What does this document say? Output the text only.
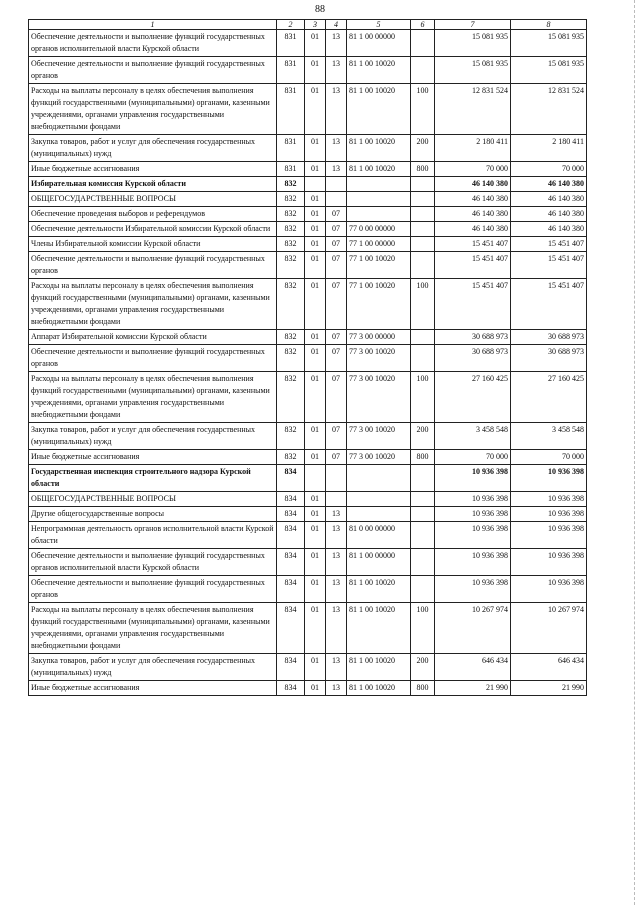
88
1	2	3	4	5	6	7	8
Обеспечение деятельности и выполнение функций государственных органов исполнительной власти Курской области	831	01	13	81 1 00 00000		15 081 935	15 081 935
Обеспечение деятельности и выполнение функций государственных органов	831	01	13	81 1 00 10020		15 081 935	15 081 935
Расходы на выплаты персоналу в целях обеспечения выполнения функций государственными (муниципальными) органами, казенными учреждениями, органами управления государственными внебюджетными фондами	831	01	13	81 1 00 10020	100	12 831 524	12 831 524
Закупка товаров, работ и услуг для обеспечения государственных (муниципальных) нужд	831	01	13	81 1 00 10020	200	2 180 411	2 180 411
Иные бюджетные ассигнования	831	01	13	81 1 00 10020	800	70 000	70 000
Избирательная комиссия Курской области	832					46 140 380	46 140 380
ОБЩЕГОСУДАРСТВЕННЫЕ ВОПРОСЫ	832	01				46 140 380	46 140 380
Обеспечение проведения выборов и референдумов	832	01	07			46 140 380	46 140 380
Обеспечение деятельности Избирательной комиссии Курской области	832	01	07	77 0 00 00000		46 140 380	46 140 380
Члены Избирательной комиссии Курской области	832	01	07	77 1 00 00000		15 451 407	15 451 407
Обеспечение деятельности и выполнение функций государственных органов	832	01	07	77 1 00 10020		15 451 407	15 451 407
Расходы на выплаты персоналу в целях обеспечения выполнения функций государственными (муниципальными) органами, казенными учреждениями, органами управления государственными внебюджетными фондами	832	01	07	77 1 00 10020	100	15 451 407	15 451 407
Аппарат Избирательной комиссии Курской области	832	01	07	77 3 00 00000		30 688 973	30 688 973
Обеспечение деятельности и выполнение функций государственных органов	832	01	07	77 3 00 10020		30 688 973	30 688 973
Расходы на выплаты персоналу в целях обеспечения выполнения функций государственными (муниципальными) органами, казенными учреждениями, органами управления государственными внебюджетными фондами	832	01	07	77 3 00 10020	100	27 160 425	27 160 425
Закупка товаров, работ и услуг для обеспечения государственных (муниципальных) нужд	832	01	07	77 3 00 10020	200	3 458 548	3 458 548
Иные бюджетные ассигнования	832	01	07	77 3 00 10020	800	70 000	70 000
Государственная инспекция строительного надзора Курской области	834					10 936 398	10 936 398
ОБЩЕГОСУДАРСТВЕННЫЕ ВОПРОСЫ	834	01				10 936 398	10 936 398
Другие общегосударственные вопросы	834	01	13			10 936 398	10 936 398
Непрограммная деятельность органов исполнительной власти Курской области	834	01	13	81 0 00 00000		10 936 398	10 936 398
Обеспечение деятельности и выполнение функций государственных органов исполнительной власти Курской области	834	01	13	81 1 00 00000		10 936 398	10 936 398
Обеспечение деятельности и выполнение функций государственных органов	834	01	13	81 1 00 10020		10 936 398	10 936 398
Расходы на выплаты персоналу в целях обеспечения выполнения функций государственными (муниципальными) органами, казенными учреждениями, органами управления государственными внебюджетными фондами	834	01	13	81 1 00 10020	100	10 267 974	10 267 974
Закупка товаров, работ и услуг для обеспечения государственных (муниципальных) нужд	834	01	13	81 1 00 10020	200	646 434	646 434
Иные бюджетные ассигнования	834	01	13	81 1 00 10020	800	21 990	21 990
